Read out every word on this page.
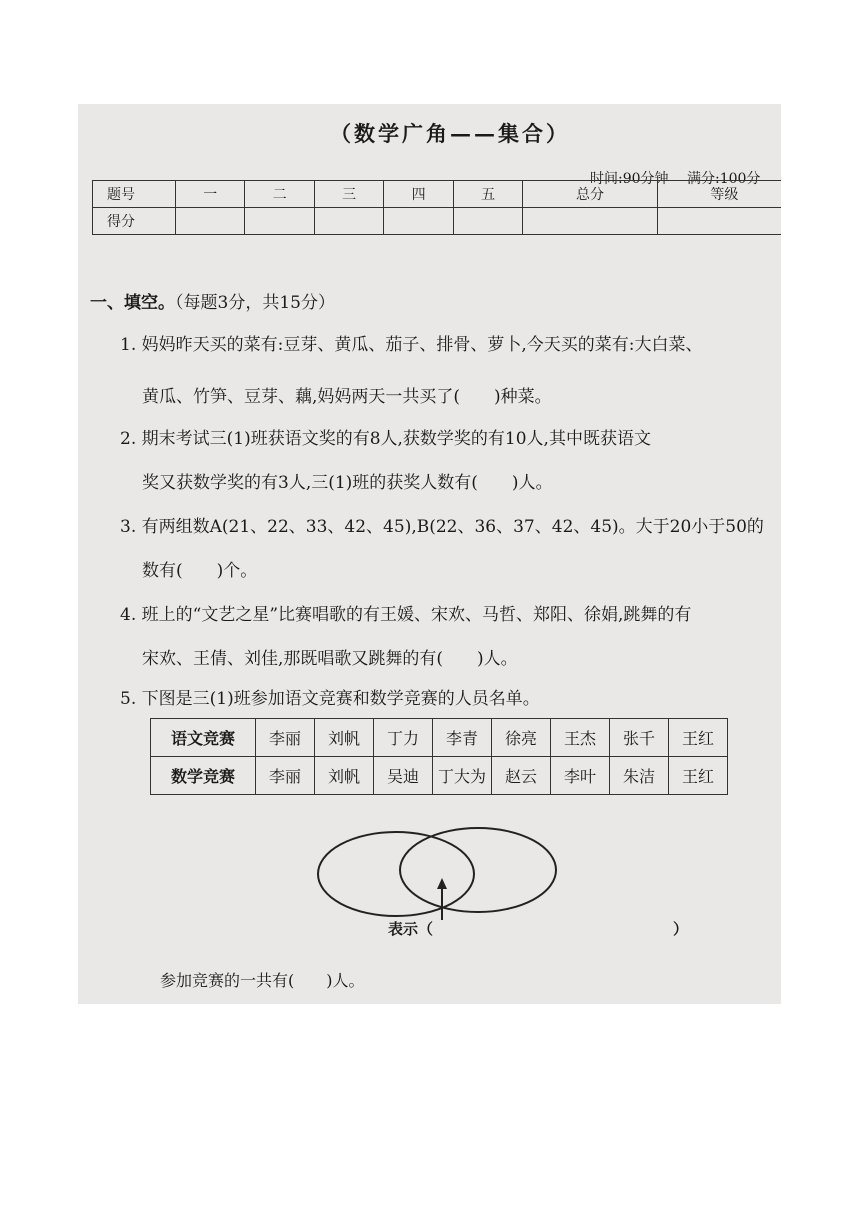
（数学广角——集合）
时间:90分钟 满分:100分
题号	一	二	三	四	五	总分	等级
得分							
一、填空。（每题3分，共15分）
1. 妈妈昨天买的菜有:豆芽、黄瓜、茄子、排骨、萝卜,今天买的菜有:大白菜、
黄瓜、竹笋、豆芽、藕,妈妈两天一共买了(　　)种菜。
2. 期末考试三(1)班获语文奖的有8人,获数学奖的有10人,其中既获语文
奖又获数学奖的有3人,三(1)班的获奖人数有(　　)人。
3. 有两组数A(21、22、33、42、45),B(22、36、37、42、45)。大于20小于50的
数有(　　)个。
4. 班上的“文艺之星”比赛唱歌的有王媛、宋欢、马哲、郑阳、徐娟,跳舞的有
宋欢、王倩、刘佳,那既唱歌又跳舞的有(　　)人。
5. 下图是三(1)班参加语文竞赛和数学竞赛的人员名单。
语文竞赛	李丽	刘帆	丁力	李青	徐亮	王杰	张千	王红
数学竞赛	李丽	刘帆	吴迪	丁大为	赵云	李叶	朱洁	王红
表示（　　　　　　　　　　　　　　　　）
参加竞赛的一共有(　　)人。
